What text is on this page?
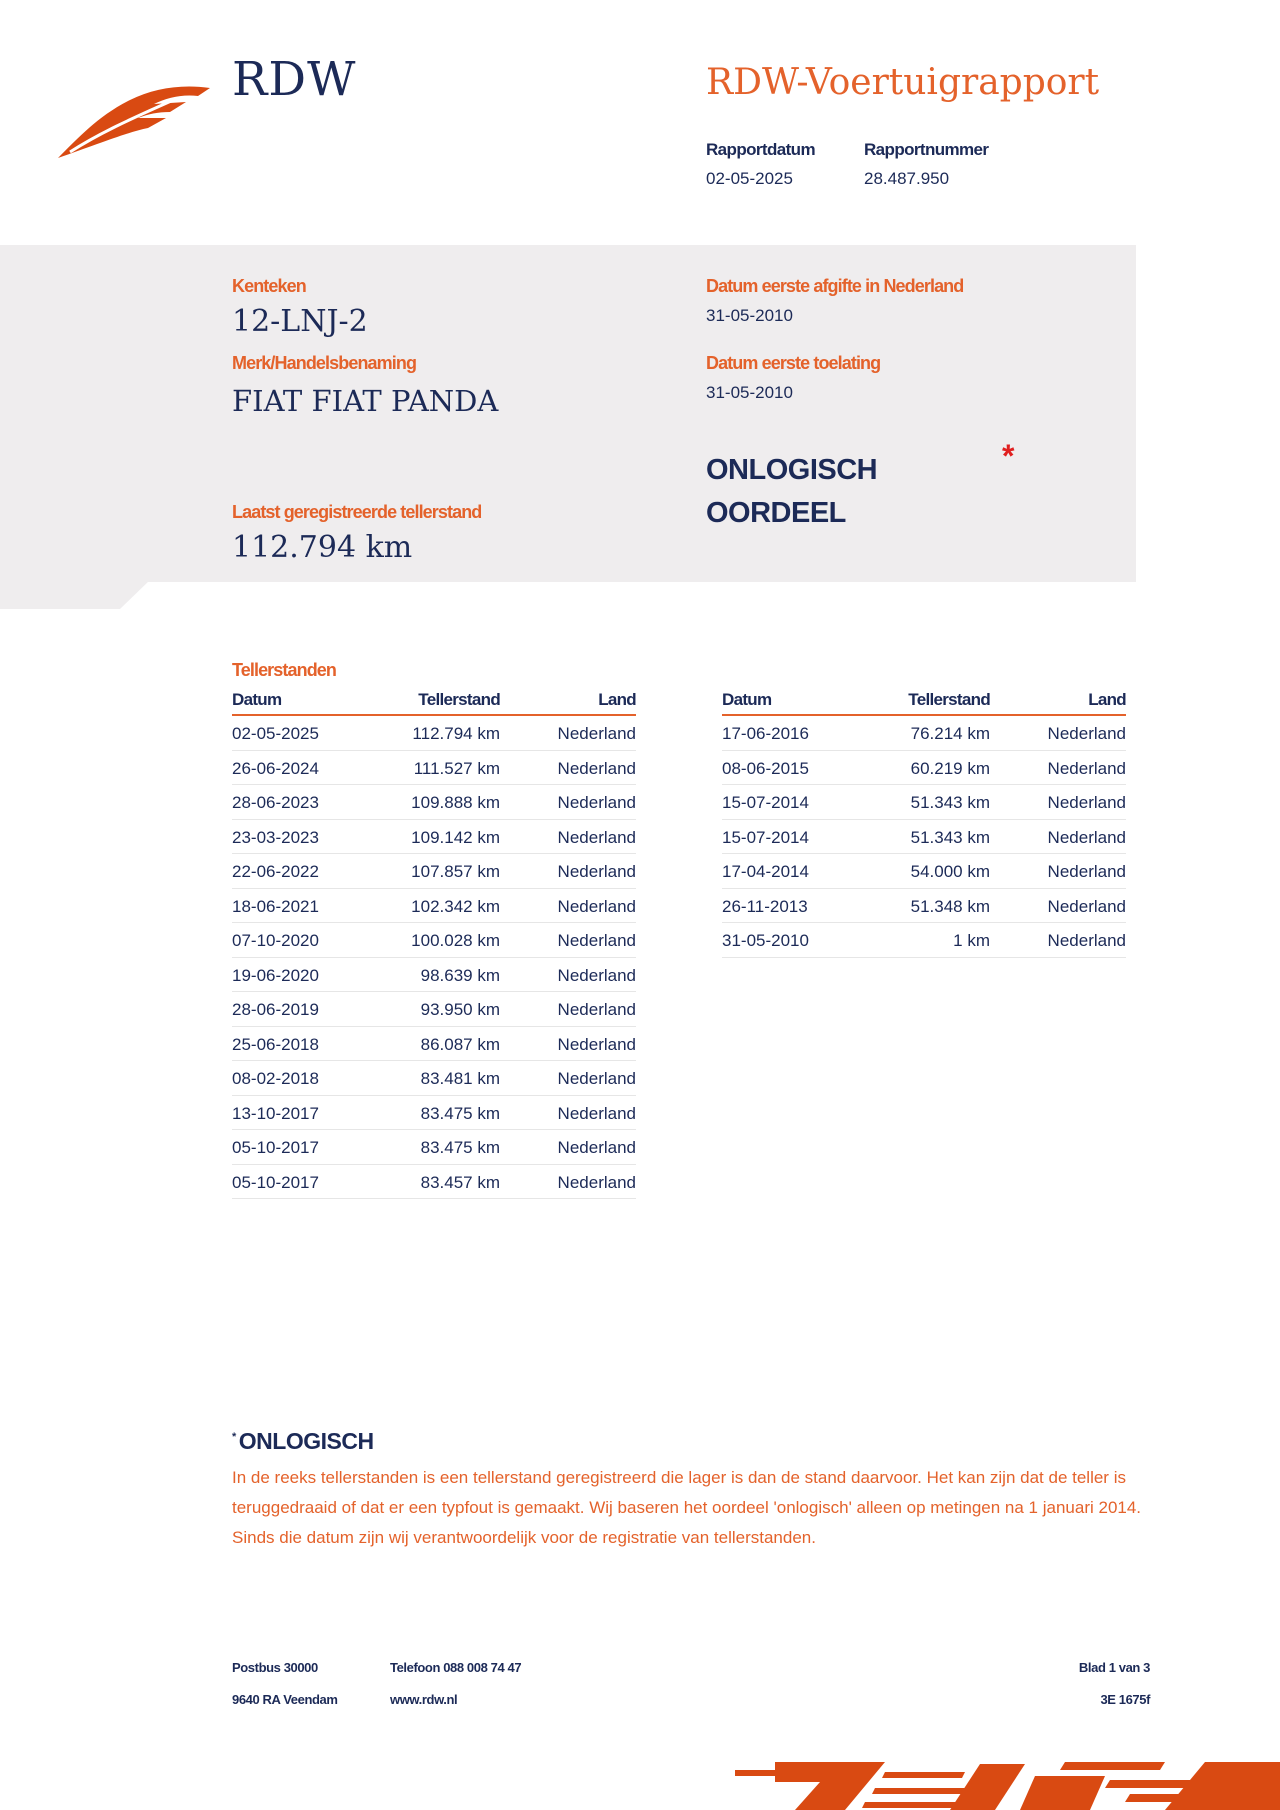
RDW	RDW-Voertuigrapport
Rapportdatum
02-05-2025
Rapportnummer
28.487.950
Kenteken
12-LNJ-2
Merk/Handelsbenaming
FIAT FIAT PANDA
Laatst geregistreerde tellerstand
112.794 km
Datum eerste afgifte in Nederland
31-05-2010
Datum eerste toelating
31-05-2010
ONLOGISCH
OORDEEL
*
Tellerstanden
Datum	Tellerstand	Land
02-05-2025	112.794 km	Nederland
26-06-2024	111.527 km	Nederland
28-06-2023	109.888 km	Nederland
23-03-2023	109.142 km	Nederland
22-06-2022	107.857 km	Nederland
18-06-2021	102.342 km	Nederland
07-10-2020	100.028 km	Nederland
19-06-2020	98.639 km	Nederland
28-06-2019	93.950 km	Nederland
25-06-2018	86.087 km	Nederland
08-02-2018	83.481 km	Nederland
13-10-2017	83.475 km	Nederland
05-10-2017	83.475 km	Nederland
05-10-2017	83.457 km	Nederland
Datum	Tellerstand	Land
17-06-2016	76.214 km	Nederland
08-06-2015	60.219 km	Nederland
15-07-2014	51.343 km	Nederland
15-07-2014	51.343 km	Nederland
17-04-2014	54.000 km	Nederland
26-11-2013	51.348 km	Nederland
31-05-2010	1 km	Nederland
* ONLOGISCH
In de reeks tellerstanden is een tellerstand geregistreerd die lager is dan de stand daarvoor. Het kan zijn dat de teller is teruggedraaid of dat er een typfout is gemaakt. Wij baseren het oordeel 'onlogisch' alleen op metingen na 1 januari 2014. Sinds die datum zijn wij verantwoordelijk voor de registratie van tellerstanden.
Postbus 30000
9640 RA Veendam
Telefoon 088 008 74 47
www.rdw.nl
Blad 1 van 3
3E 1675f
